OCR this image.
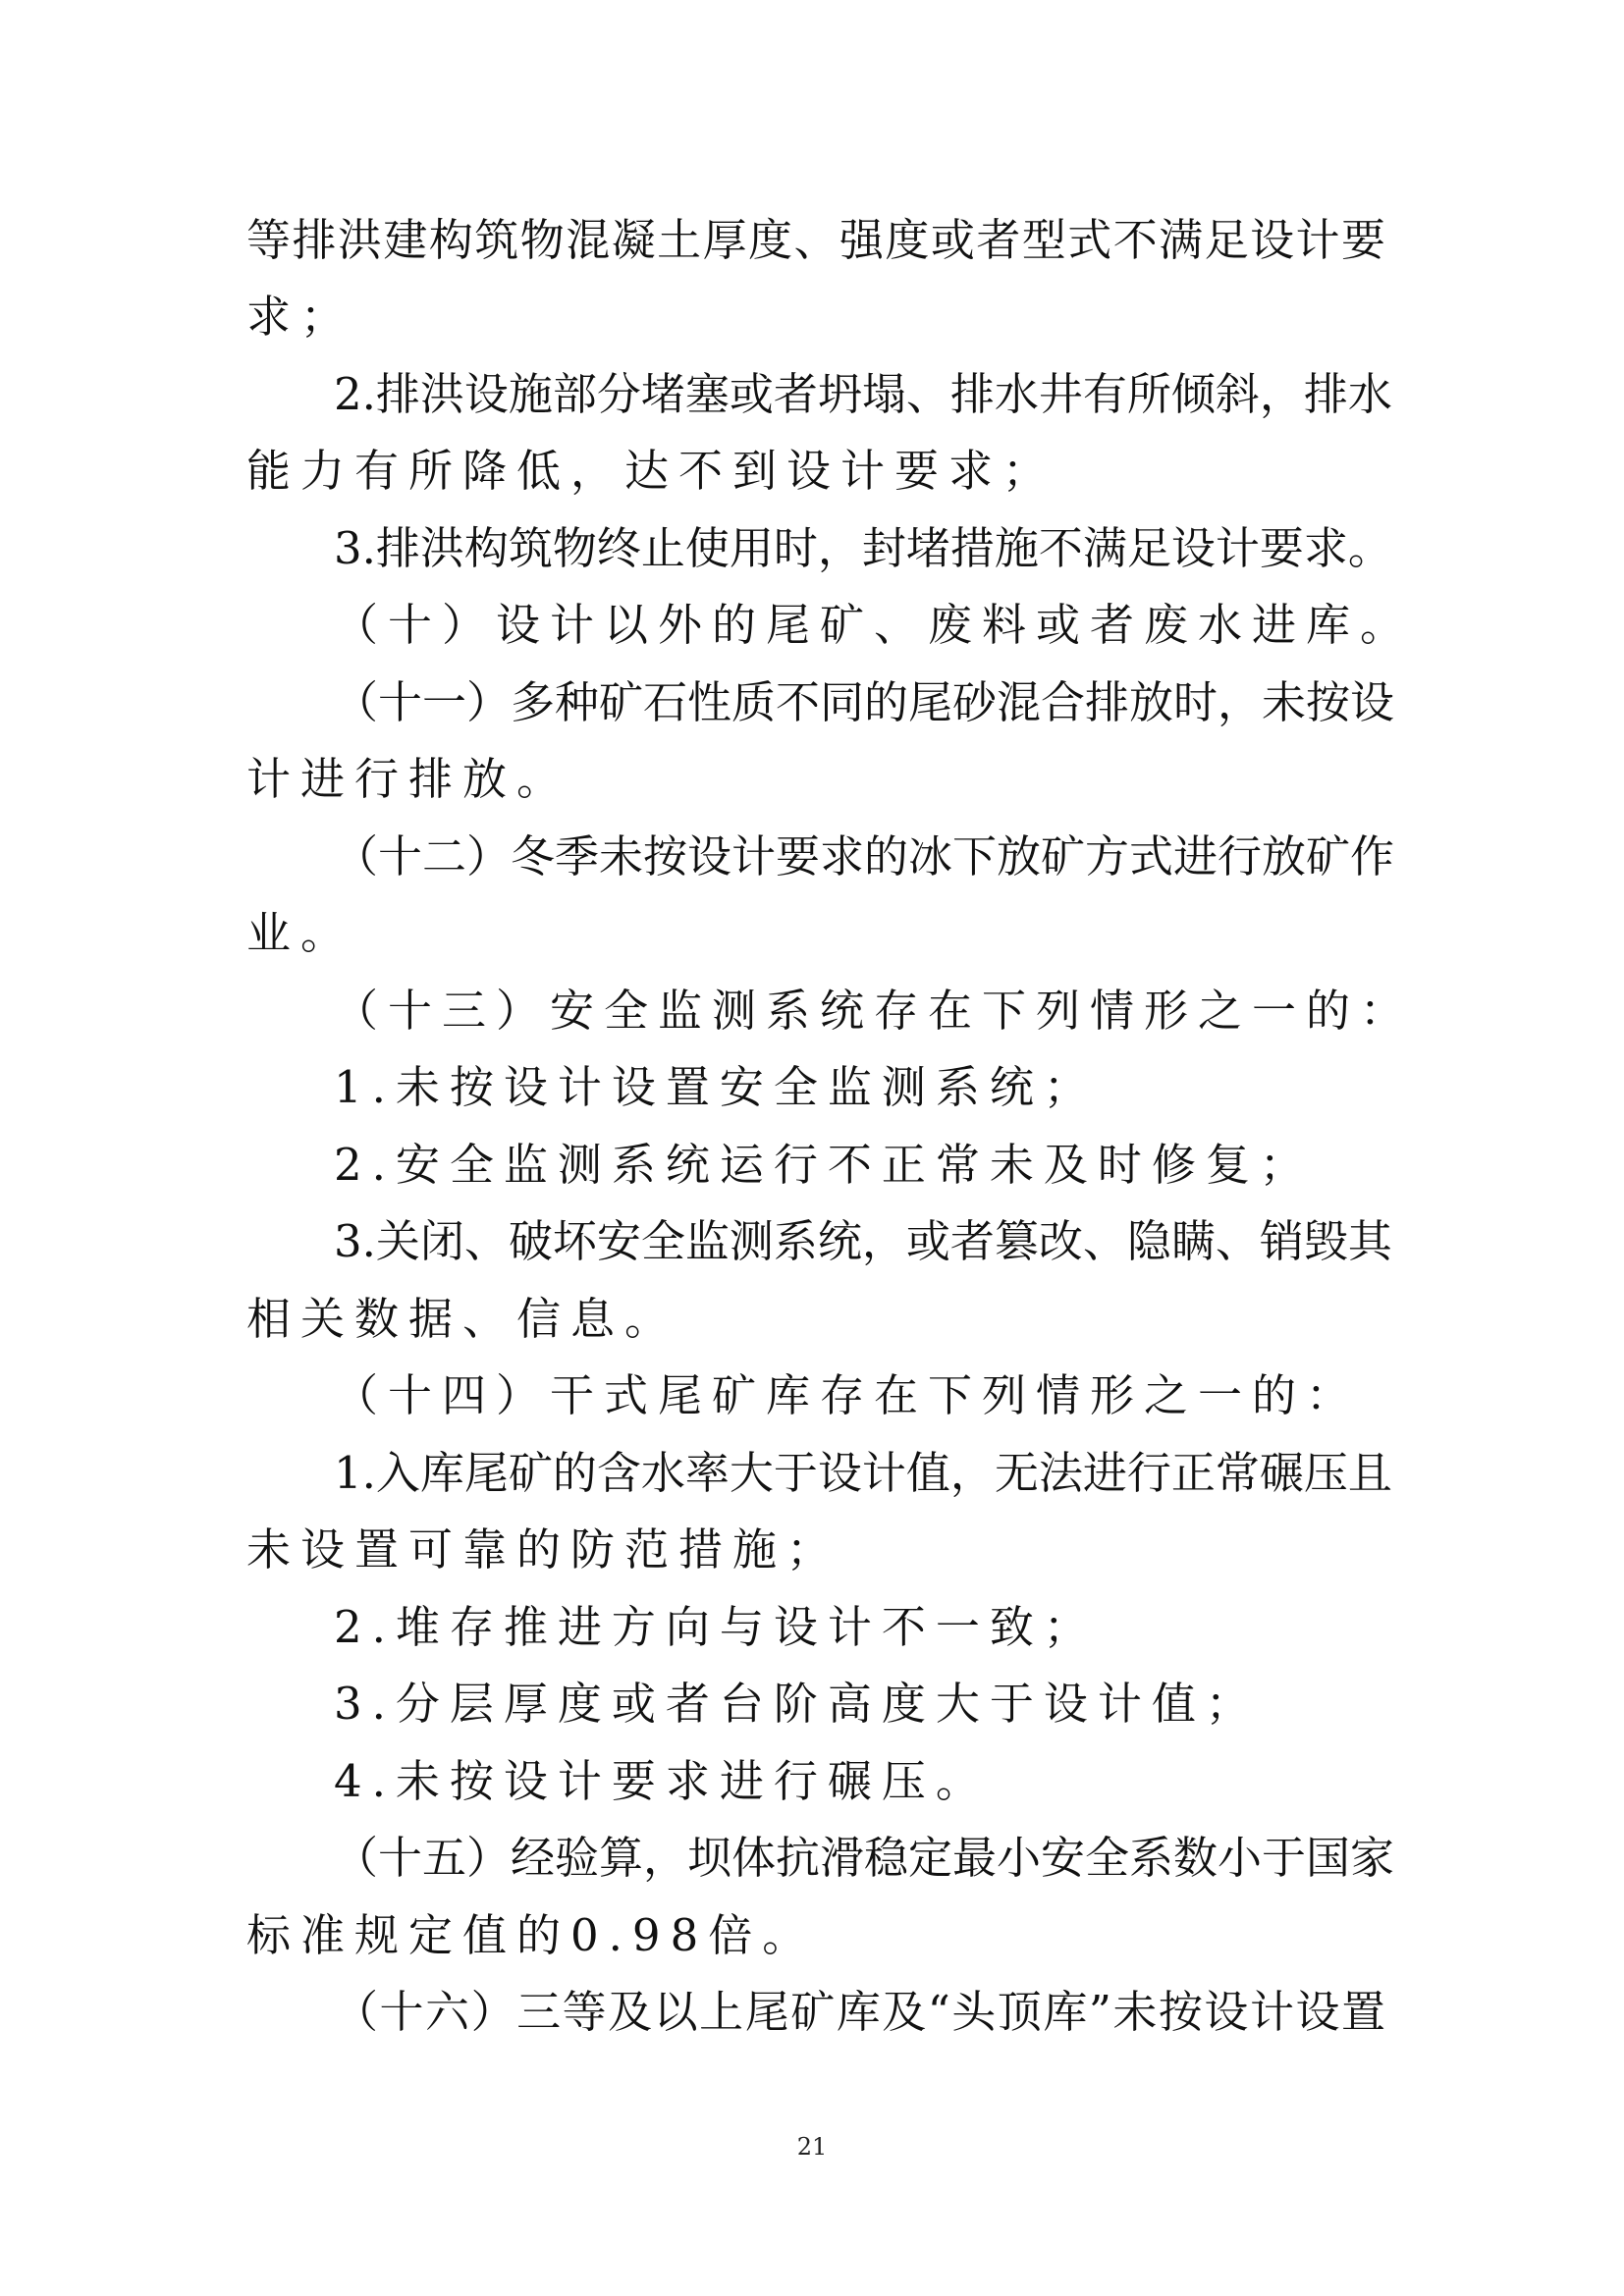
等排洪建构筑物混凝土厚度、强度或者型式不满足设计要
求；
2.排洪设施部分堵塞或者坍塌、排水井有所倾斜，排水
能力有所降低，达不到设计要求；
3.排洪构筑物终止使用时，封堵措施不满足设计要求。
（十）设计以外的尾矿、废料或者废水进库。
（十一）多种矿石性质不同的尾砂混合排放时，未按设
计进行排放。
（十二）冬季未按设计要求的冰下放矿方式进行放矿作
业。
（十三）安全监测系统存在下列情形之一的：
1.未按设计设置安全监测系统；
2.安全监测系统运行不正常未及时修复；
3.关闭、破坏安全监测系统，或者篡改、隐瞒、销毁其
相关数据、信息。
（十四）干式尾矿库存在下列情形之一的：
1.入库尾矿的含水率大于设计值，无法进行正常碾压且
未设置可靠的防范措施；
2.堆存推进方向与设计不一致；
3.分层厚度或者台阶高度大于设计值；
4.未按设计要求进行碾压。
（十五）经验算，坝体抗滑稳定最小安全系数小于国家
标准规定值的0.98倍。
（十六）三等及以上尾矿库及“头顶库”未按设计设置
21
